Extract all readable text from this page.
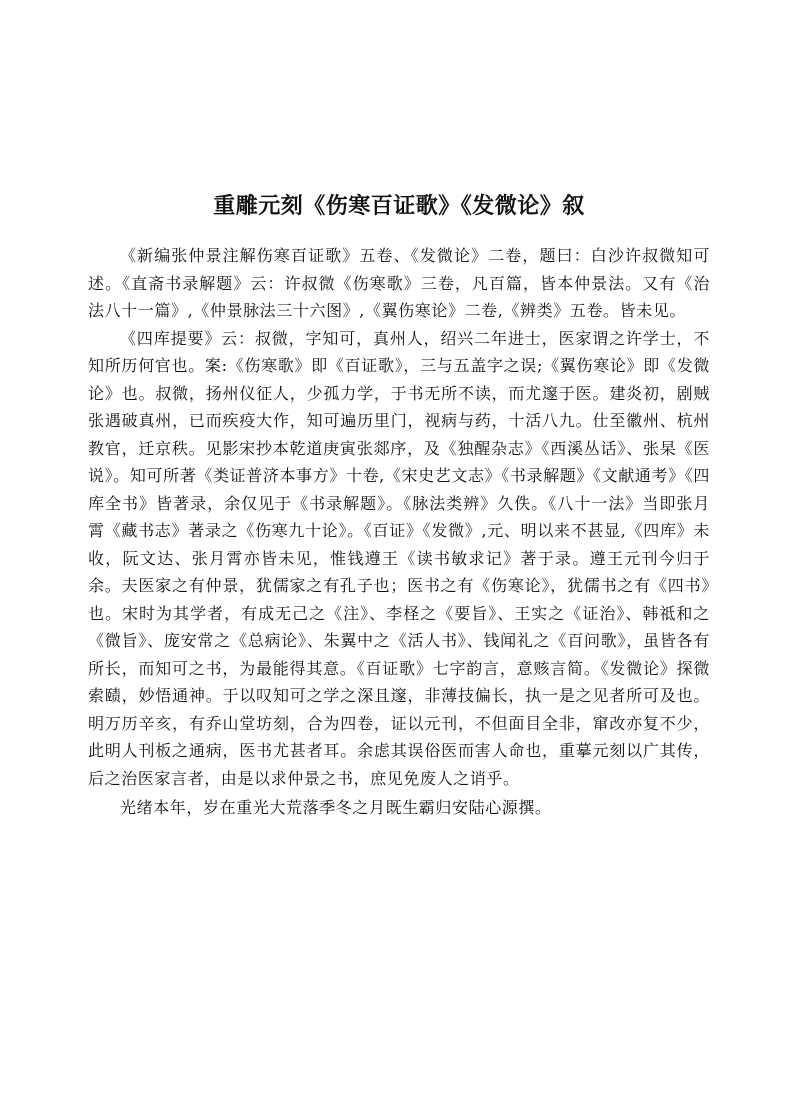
重雕元刻《伤寒百证歌》《发微论》叙

《新编张仲景注解伤寒百证歌》五卷、《发微论》二卷，题曰：白沙许叔微知可述。《直斋书录解题》云：许叔微《伤寒歌》三卷，凡百篇，皆本仲景法。又有《治法八十一篇》,《仲景脉法三十六图》,《翼伤寒论》二卷,《辨类》五卷。皆未见。

《四库提要》云：叔微，字知可，真州人，绍兴二年进士，医家谓之许学士，不知所历何官也。案:《伤寒歌》即《百证歌》，三与五盖字之误;《翼伤寒论》即《发微论》也。叔微，扬州仪征人，少孤力学，于书无所不读，而尤邃于医。建炎初，剧贼张遇破真州，已而疾疫大作，知可遍历里门，视病与药，十活八九。仕至徽州、杭州教官，迁京秩。见影宋抄本乾道庚寅张郯序，及《独醒杂志》《西溪丛话》、张杲《医说》。知可所著《类证普济本事方》十卷,《宋史艺文志》《书录解题》《文献通考》《四库全书》皆著录，余仅见于《书录解题》。《脉法类辨》久佚。《八十一法》当即张月霄《藏书志》著录之《伤寒九十论》。《百证》《发微》,元、明以来不甚显,《四库》未收，阮文达、张月霄亦皆未见，惟钱遵王《读书敏求记》著于录。遵王元刊今归于余。夫医家之有仲景，犹儒家之有孔子也；医书之有《伤寒论》，犹儒书之有《四书》也。宋时为其学者，有成无己之《注》、李柽之《要旨》、王实之《证治》、韩祗和之《微旨》、庞安常之《总病论》、朱翼中之《活人书》、钱闻礼之《百问歌》，虽皆各有所长，而知可之书，为最能得其意。《百证歌》七字韵言，意赅言简。《发微论》探微索赜，妙悟通神。于以叹知可之学之深且邃，非薄技偏长，执一是之见者所可及也。明万历辛亥，有乔山堂坊刻，合为四卷，证以元刊，不但面目全非，窜改亦复不少，此明人刊板之通病，医书尤甚者耳。余虑其误俗医而害人命也，重摹元刻以广其传，后之治医家言者，由是以求仲景之书，庶见免废人之诮乎。

光绪本年，岁在重光大荒落季冬之月既生霸归安陆心源撰。
